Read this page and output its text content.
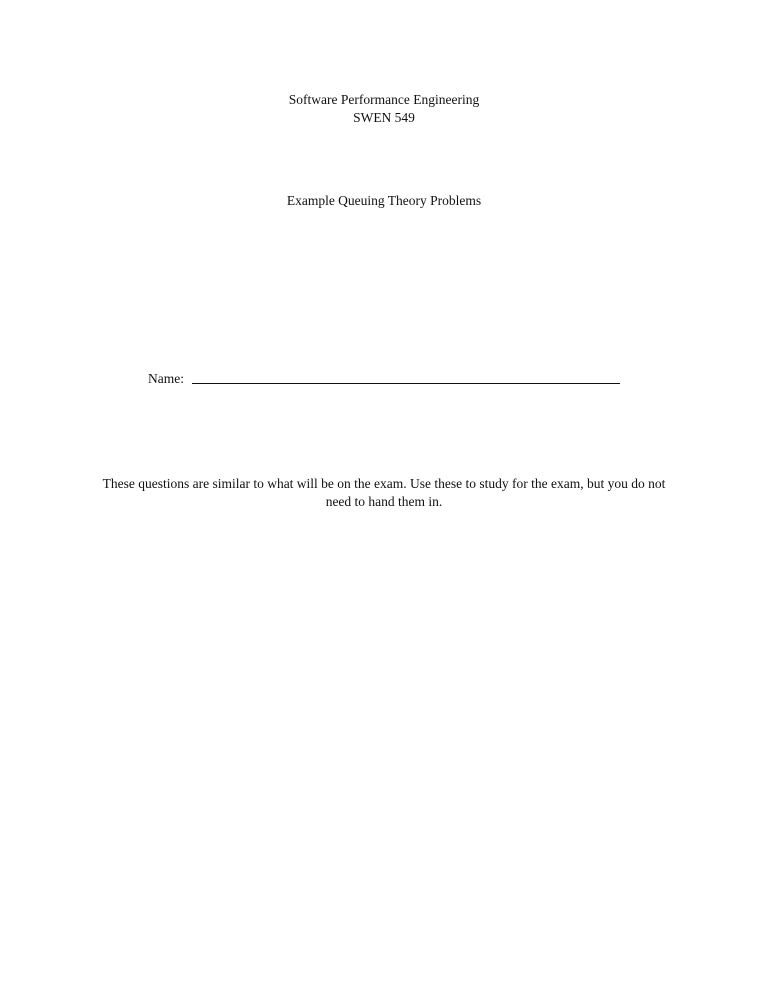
Software Performance Engineering
SWEN 549
Example Queuing Theory Problems
Name:
These questions are similar to what will be on the exam. Use these to study for the exam, but you do not need to hand them in.
